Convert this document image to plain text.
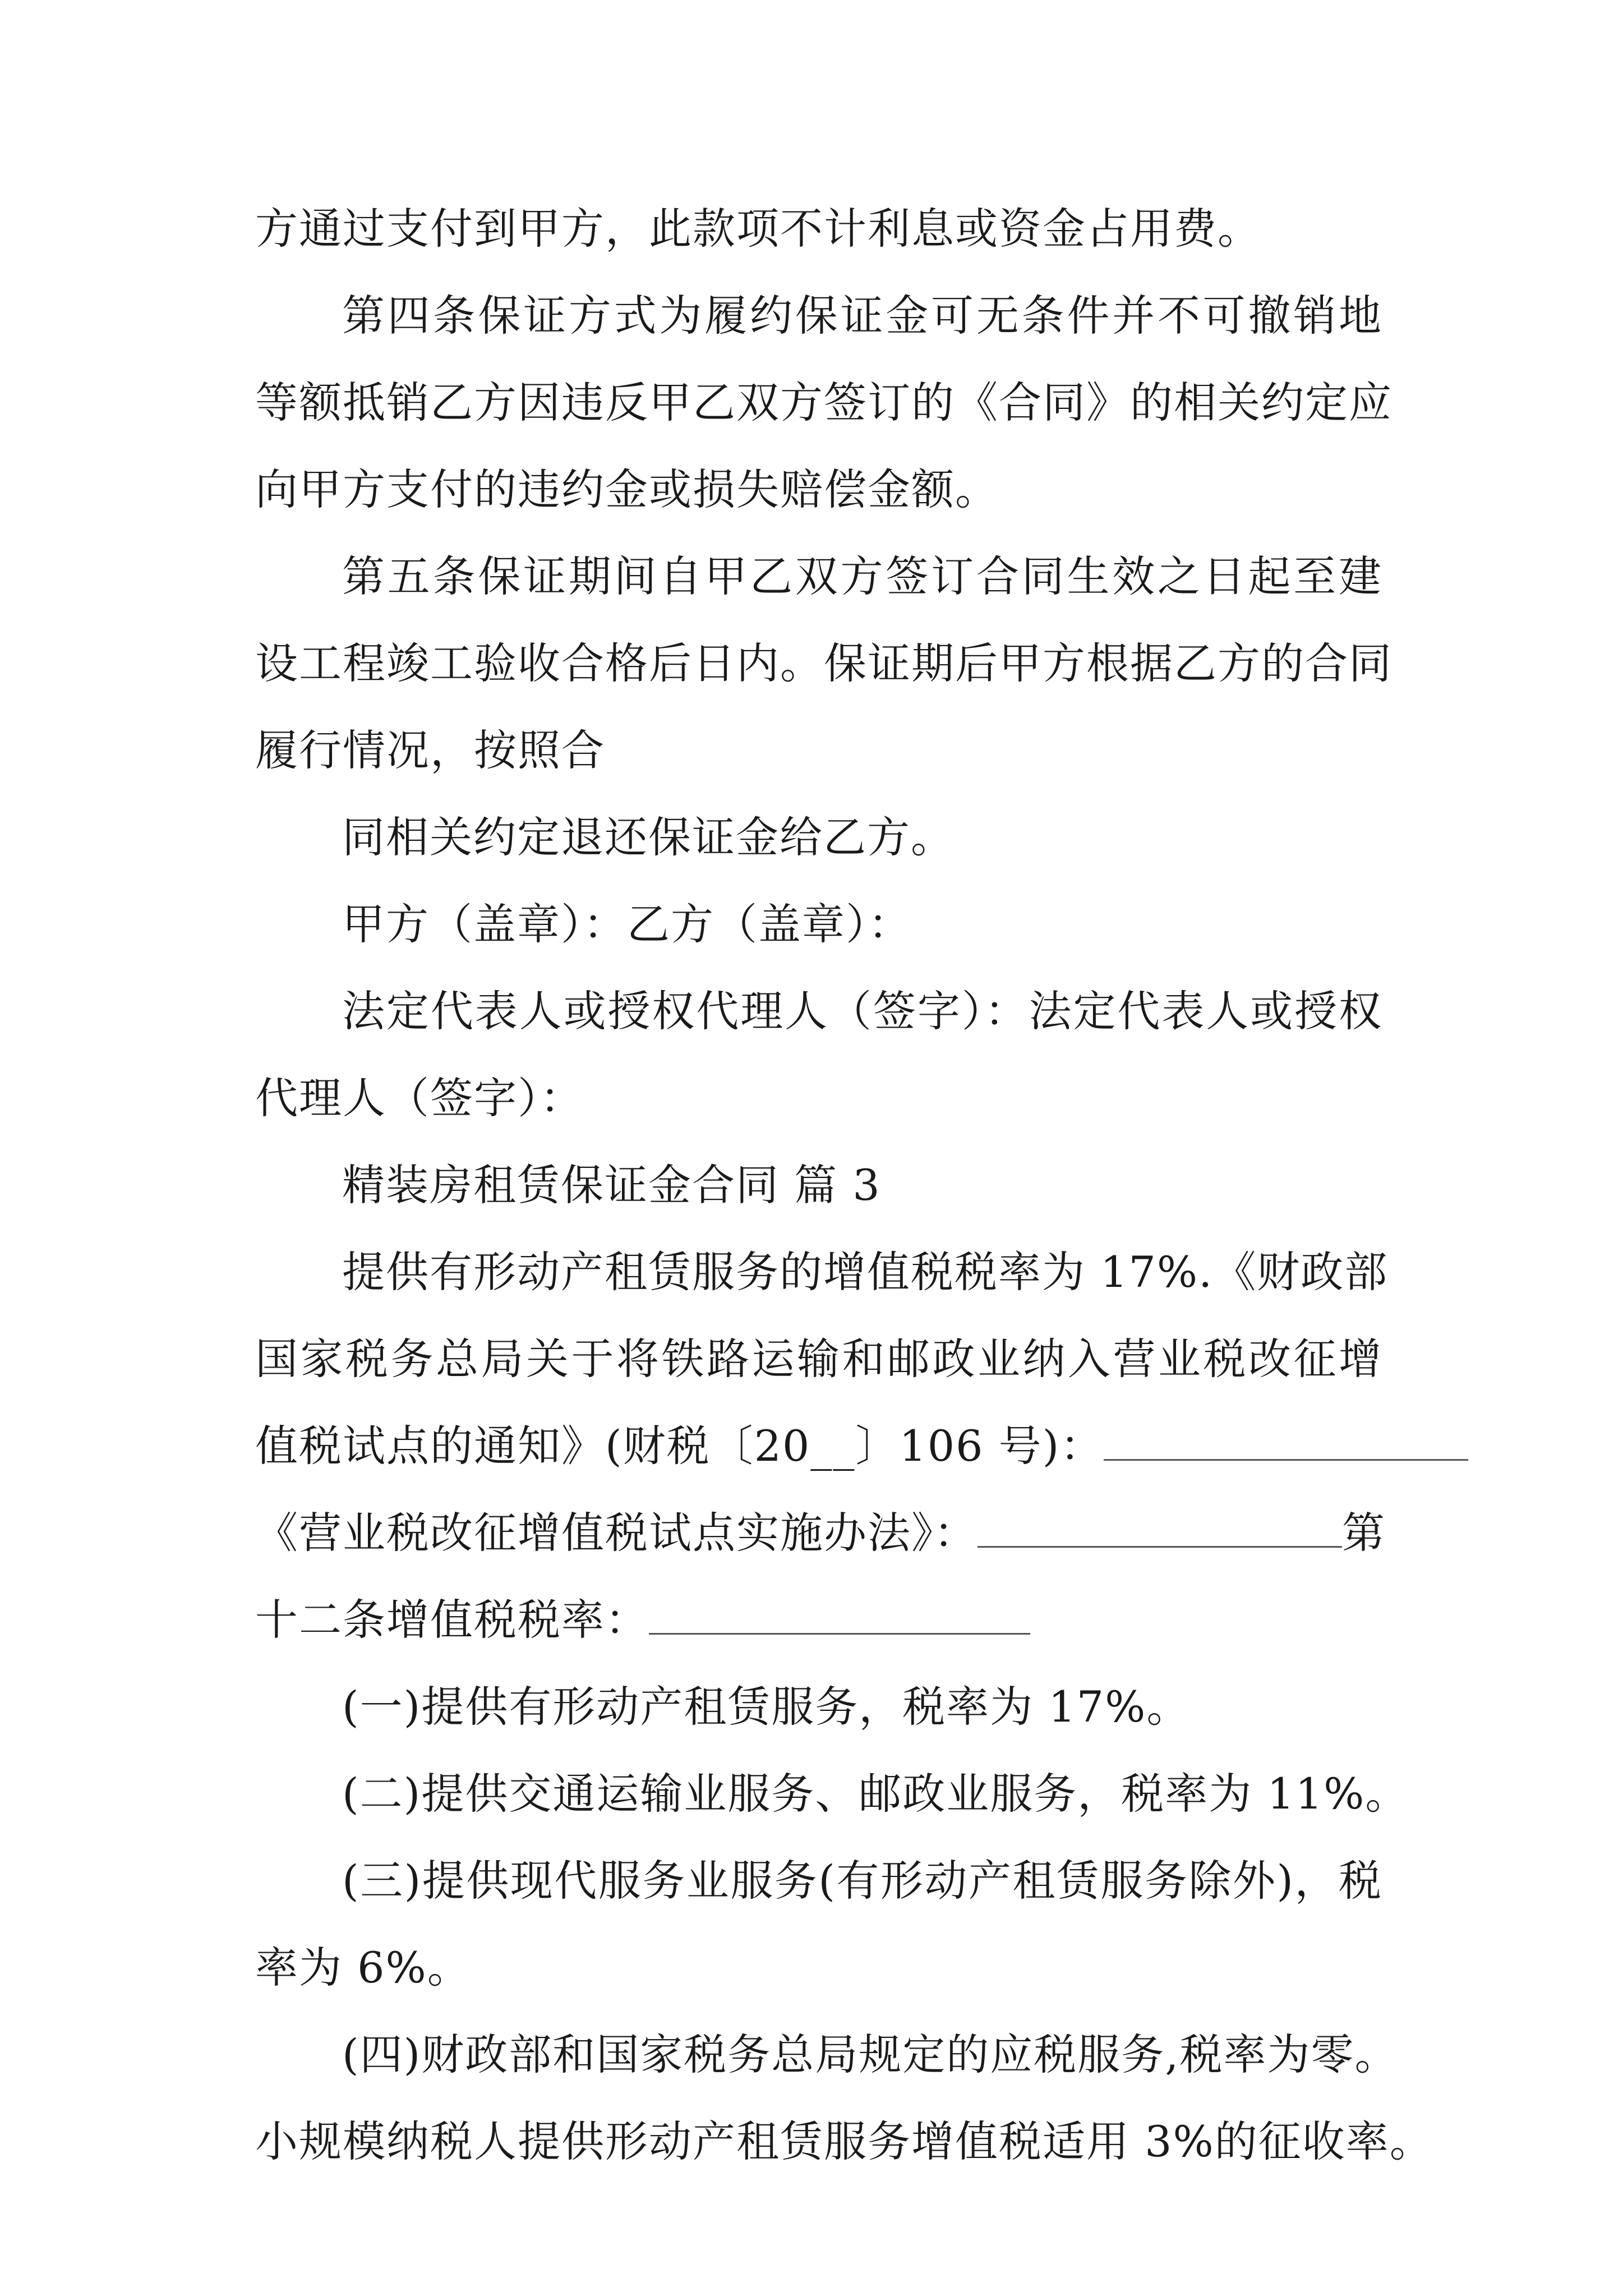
方通过支付到甲方，此款项不计利息或资金占用费。
第四条保证方式为履约保证金可无条件并不可撤销地
等额抵销乙方因违反甲乙双方签订的《合同》的相关约定应
向甲方支付的违约金或损失赔偿金额。
第五条保证期间自甲乙双方签订合同生效之日起至建
设工程竣工验收合格后日内。保证期后甲方根据乙方的合同
履行情况，按照合
同相关约定退还保证金给乙方。
甲方（盖章）：乙方（盖章）：
法定代表人或授权代理人（签字）：法定代表人或授权
代理人（签字）：
精装房租赁保证金合同 篇 3
提供有形动产租赁服务的增值税税率为 17%.《财政部
国家税务总局关于将铁路运输和邮政业纳入营业税改征增
值税试点的通知》(财税〔20__〕106 号)：
《营业税改征增值税试点实施办法》：	第
十二条增值税税率：
(一)提供有形动产租赁服务，税率为 17%。
(二)提供交通运输业服务、邮政业服务，税率为 11%。
(三)提供现代服务业服务(有形动产租赁服务除外)，税
率为 6%。
(四)财政部和国家税务总局规定的应税服务,税率为零。
小规模纳税人提供形动产租赁服务增值税适用 3%的征收率。
